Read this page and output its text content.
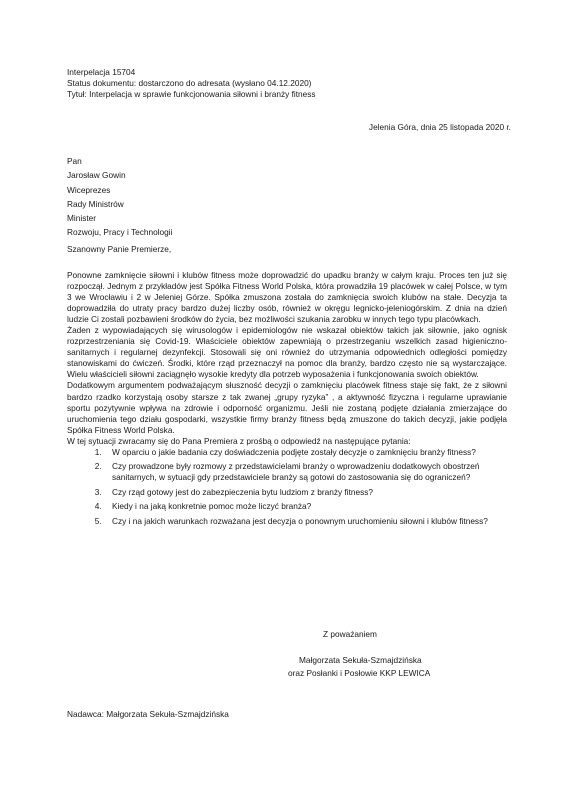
Interpelacja 15704
Status dokumentu: dostarczono do adresata (wysłano 04.12.2020)
Tytuł: Interpelacja w sprawie funkcjonowania siłowni i branży fitness
Jelenia Góra, dnia 25 listopada 2020 r.
Pan
Jarosław Gowin
Wiceprezes
Rady Ministrów
Minister
Rozwoju, Pracy i Technologii
Szanowny Panie Premierze,
Ponowne zamknięcie siłowni i klubów fitness może doprowadzić do upadku branży w całym kraju. Proces ten już się rozpoczął. Jednym z przykładów jest Spółka Fitness World Polska, która prowadziła 19 placówek w całej Polsce, w tym 3 we Wrocławiu i 2 w Jeleniej Górze. Spółka zmuszona została do zamknięcia swoich klubów na stałe. Decyzja ta doprowadziła do utraty pracy bardzo dużej liczby osób, również w okręgu legnicko-jeleniogórskim. Z dnia na dzień ludzie Ci zostali pozbawieni środków do życia, bez możliwości szukania zarobku w innych tego typu placówkach.
Żaden z wypowiadających się wirusologów i epidemiologów nie wskazał obiektów takich jak siłownie, jako ognisk rozprzestrzeniania się Covid-19. Właściciele obiektów zapewniają o przestrzeganiu wszelkich zasad higieniczno-sanitarnych i regularnej dezynfekcji. Stosowali się oni również do utrzymania odpowiednich odległości pomiędzy stanowiskami do ćwiczeń. Środki, które rząd przeznaczył na pomoc dla branży, bardzo często nie są wystarczające. Wielu właścicieli siłowni zaciągnęło wysokie kredyty dla potrzeb wyposażenia i funkcjonowania swoich obiektów.
Dodatkowym argumentem podważającym słuszność decyzji o zamknięciu placówek fitness staje się fakt, że z siłowni bardzo rzadko korzystają osoby starsze z tak zwanej „grupy ryzyka” , a aktywność fizyczna i regularne uprawianie sportu pozytywnie wpływa na zdrowie i odporność organizmu. Jeśli nie zostaną podjęte działania zmierzające do uruchomienia tego działu gospodarki, wszystkie firmy branży fitness będą zmuszone do takich decyzji, jakie podjęła Spółka Fitness World Polska.
W tej sytuacji zwracamy się do Pana Premiera z prośbą o odpowiedź na następujące pytania:
1. W oparciu o jakie badania czy doświadczenia podjęte zostały decyzje o zamknięciu branży fitness?
2. Czy prowadzone były rozmowy z przedstawicielami branży o wprowadzeniu dodatkowych obostrzeń sanitarnych, w sytuacji gdy przedstawiciele branży są gotowi do zastosowania się do ograniczeń?
3. Czy rząd gotowy jest do zabezpieczenia bytu ludziom z branży fitness?
4. Kiedy i na jaką konkretnie pomoc może liczyć branża?
5. Czy i na jakich warunkach rozważana jest decyzja o ponownym uruchomieniu siłowni i klubów fitness?
Z poważaniem
Małgorzata Sekuła-Szmajdzińska
oraz Posłanki i Posłowie KKP LEWICA
Nadawca: Małgorzata Sekuła-Szmajdzińska
